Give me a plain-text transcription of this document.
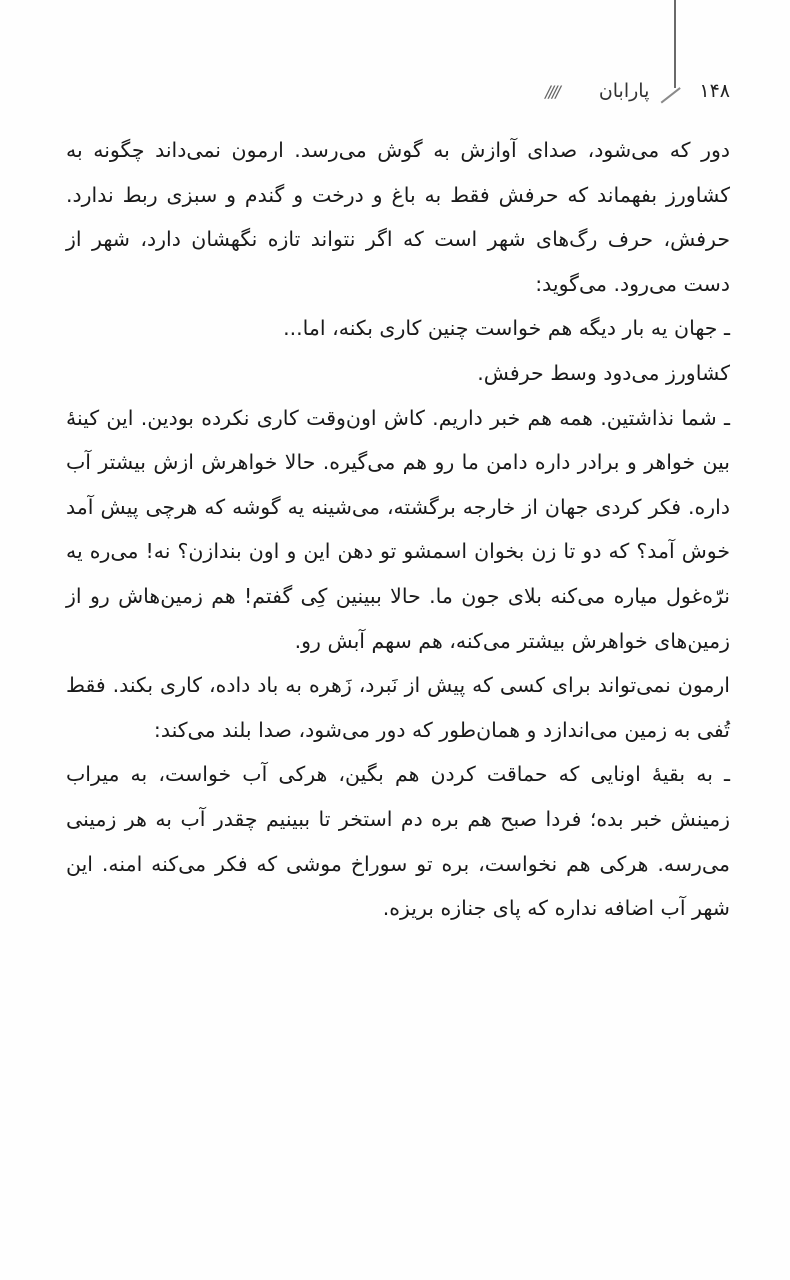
۱۴۸
پارابان
////

دور که می‌شود، صدای آوازش به گوش می‌رسد. ارمون نمی‌داند چگونه به کشاورز بفهماند که حرفش فقط به باغ و درخت و گندم و سبزی ربط ندارد. حرفش، حرف رگ‌های شهر است که اگر نتواند تازه نگهشان دارد، شهر از دست می‌رود. می‌گوید:

ـ جهان یه بار دیگه هم خواست چنین کاری بکنه، اما...

کشاورز می‌دود وسط حرفش.

ـ شما نذاشتین. همه هم خبر داریم. کاش اون‌وقت کاری نکرده بودین. این کینهٔ بین خواهر و برادر داره دامن ما رو هم می‌گیره. حالا خواهرش ازش بیشتر آب داره. فکر کردی جهان از خارجه برگشته، می‌شینه یه گوشه که هرچی پیش آمد خوش آمد؟ که دو تا زن بخوان اسمشو تو دهن این و اون بندازن؟ نه! می‌ره یه نرّه‌غول میاره می‌کنه بلای جون ما. حالا ببینین کِی گفتم! هم زمین‌هاش رو از زمین‌های خواهرش بیشتر می‌کنه، هم سهم آبش رو.

ارمون نمی‌تواند برای کسی که پیش از نَبرد، زَهره به باد داده، کاری بکند. فقط تُفی به زمین می‌اندازد و همان‌طور که دور می‌شود، صدا بلند می‌کند:

ـ به بقیهٔ اونایی که حماقت کردن هم بگین، هرکی آب خواست، به میراب زمینش خبر بده؛ فردا صبح هم بره دم استخر تا ببینیم چقدر آب به هر زمینی می‌رسه. هرکی هم نخواست، بره تو سوراخ موشی که فکر می‌کنه امنه. این شهر آب اضافه نداره که پای جنازه بریزه.
